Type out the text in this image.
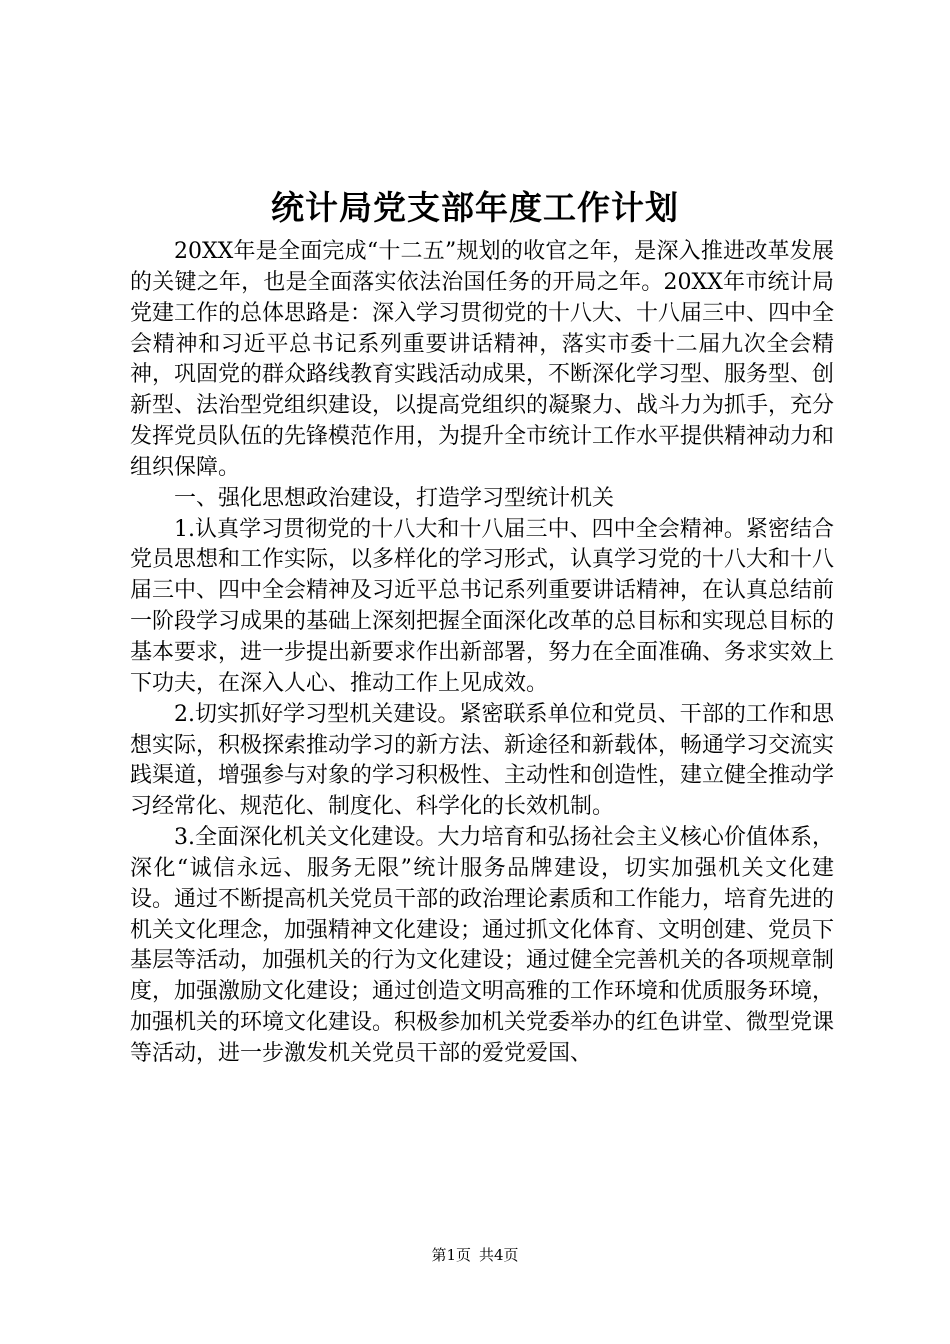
统计局党支部年度工作计划

20XX年是全面完成“十二五”规划的收官之年，是深入推进改革发展的关键之年，也是全面落实依法治国任务的开局之年。20XX年市统计局党建工作的总体思路是：深入学习贯彻党的十八大、十八届三中、四中全会精神和习近平总书记系列重要讲话精神，落实市委十二届九次全会精神，巩固党的群众路线教育实践活动成果，不断深化学习型、服务型、创新型、法治型党组织建设，以提高党组织的凝聚力、战斗力为抓手，充分发挥党员队伍的先锋模范作用，为提升全市统计工作水平提供精神动力和组织保障。

一、强化思想政治建设，打造学习型统计机关

1.认真学习贯彻党的十八大和十八届三中、四中全会精神。紧密结合党员思想和工作实际，以多样化的学习形式，认真学习党的十八大和十八届三中、四中全会精神及习近平总书记系列重要讲话精神，在认真总结前一阶段学习成果的基础上深刻把握全面深化改革的总目标和实现总目标的基本要求，进一步提出新要求作出新部署，努力在全面准确、务求实效上下功夫，在深入人心、推动工作上见成效。

2.切实抓好学习型机关建设。紧密联系单位和党员、干部的工作和思想实际，积极探索推动学习的新方法、新途径和新载体，畅通学习交流实践渠道，增强参与对象的学习积极性、主动性和创造性，建立健全推动学习经常化、规范化、制度化、科学化的长效机制。

3.全面深化机关文化建设。大力培育和弘扬社会主义核心价值体系，深化“诚信永远、服务无限”统计服务品牌建设，切实加强机关文化建设。通过不断提高机关党员干部的政治理论素质和工作能力，培育先进的机关文化理念，加强精神文化建设；通过抓文化体育、文明创建、党员下基层等活动，加强机关的行为文化建设；通过健全完善机关的各项规章制度，加强激励文化建设；通过创造文明高雅的工作环境和优质服务环境，加强机关的环境文化建设。积极参加机关党委举办的红色讲堂、微型党课等活动，进一步激发机关党员干部的爱党爱国、

第1页 共4页
